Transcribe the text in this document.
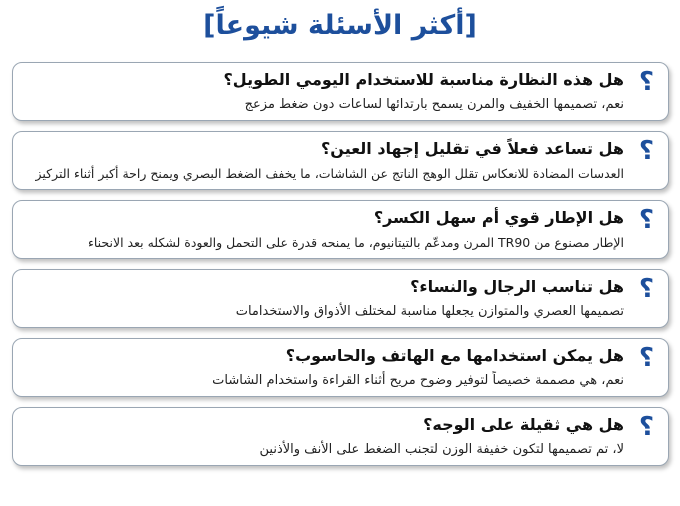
[أكثر الأسئلة شيوعاً]
?
هل هذه النظارة مناسبة للاستخدام اليومي الطويل؟
نعم، تصميمها الخفيف والمرن يسمح بارتدائها لساعات دون ضغط مزعج
?
هل تساعد فعلاً في تقليل إجهاد العين؟
العدسات المضادة للانعكاس تقلل الوهج الناتج عن الشاشات، ما يخفف الضغط البصري ويمنح راحة أكبر أثناء التركيز
?
هل الإطار قوي أم سهل الكسر؟
الإطار مصنوع من TR90 المرن ومدعّم بالتيتانيوم، ما يمنحه قدرة على التحمل والعودة لشكله بعد الانحناء
?
هل تناسب الرجال والنساء؟
تصميمها العصري والمتوازن يجعلها مناسبة لمختلف الأذواق والاستخدامات
?
هل يمكن استخدامها مع الهاتف والحاسوب؟
نعم، هي مصممة خصيصاً لتوفير وضوح مريح أثناء القراءة واستخدام الشاشات
?
هل هي ثقيلة على الوجه؟
لا، تم تصميمها لتكون خفيفة الوزن لتجنب الضغط على الأنف والأذنين
